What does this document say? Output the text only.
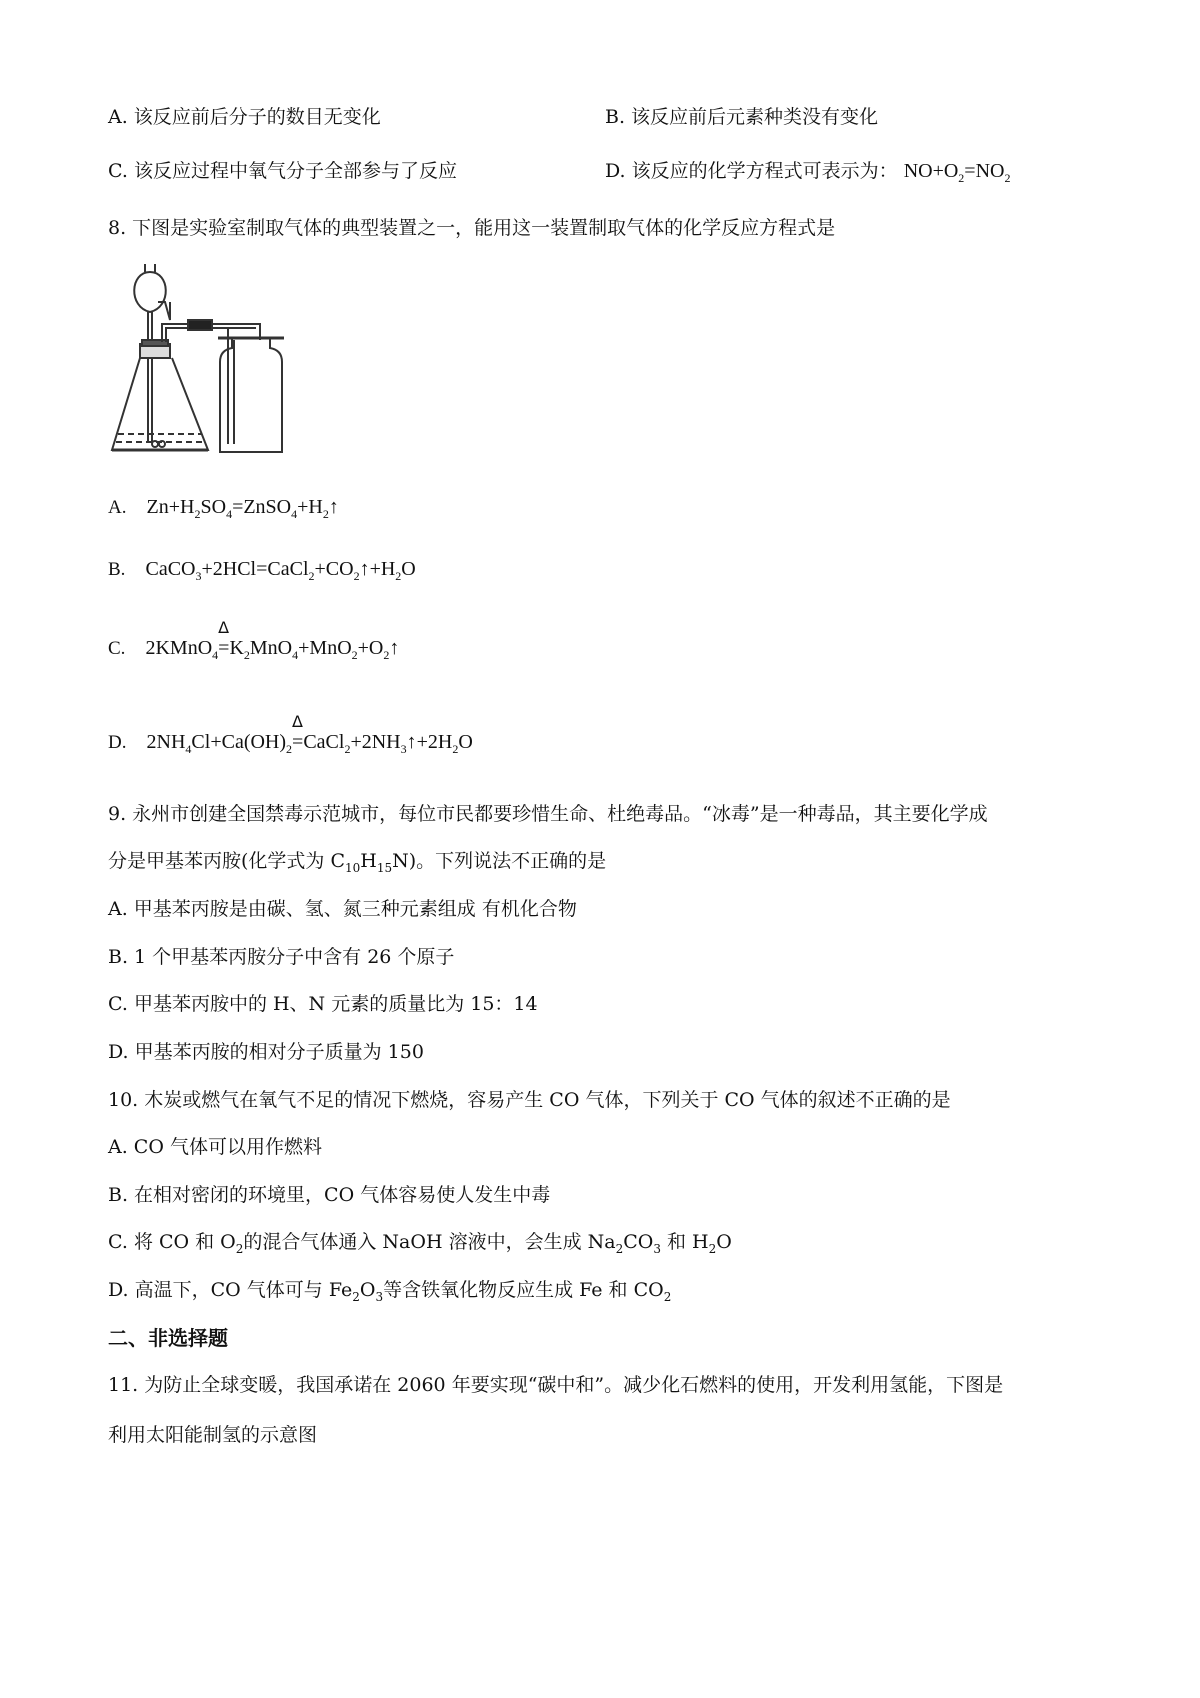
A. 该反应前后分子的数目无变化	B. 该反应前后元素种类没有变化
C. 该反应过程中氧气分子全部参与了反应	D. 该反应的化学方程式可表示为： $NO+O_2=NO_2$
8. 下图是实验室制取气体的典型装置之一，能用这一装置制取气体的化学反应方程式是
A. $Zn+H_2SO_4=ZnSO_4+H_2↑$
B. $CaCO_3+2HCl=CaCl_2+CO_2↑+H_2O$
C. 2KMnO$_4$
Δ
$=K_2MnO_4+MnO_2+O_2↑$
D. $2NH_4Cl+Ca(OH)_2$
Δ
$=CaCl_2+2NH_3↑+2H_2O$
9. 永州市创建全国禁毒示范城市，每位市民都要珍惜生命、杜绝毒品。“冰毒”是一种毒品，其主要化学成
分是甲基苯丙胺(化学式为 $C_{10}H_{15}N$)。下列说法不正确的是
A. 甲基苯丙胺是由碳、氢、氮三种元素组成 有机化合物
B. 1 个甲基苯丙胺分子中含有 26 个原子
C. 甲基苯丙胺中的 H、N 元素的质量比为 15：14
D. 甲基苯丙胺的相对分子质量为 150
10. 木炭或燃气在氧气不足的情况下燃烧，容易产生 CO 气体，下列关于 CO 气体的叙述不正确的是
A. CO 气体可以用作燃料
B. 在相对密闭的环境里，CO 气体容易使人发生中毒
C. 将 CO 和 $O_2$的混合气体通入 NaOH 溶液中，会生成 $Na_2CO_3$ 和 $H_2O$
D. 高温下，CO 气体可与 $Fe_2O_3$等含铁氧化物反应生成 Fe 和 $CO_2$
二、非选择题
11. 为防止全球变暖，我国承诺在 2060 年要实现“碳中和”。减少化石燃料的使用，开发利用氢能，下图是
利用太阳能制氢的示意图
